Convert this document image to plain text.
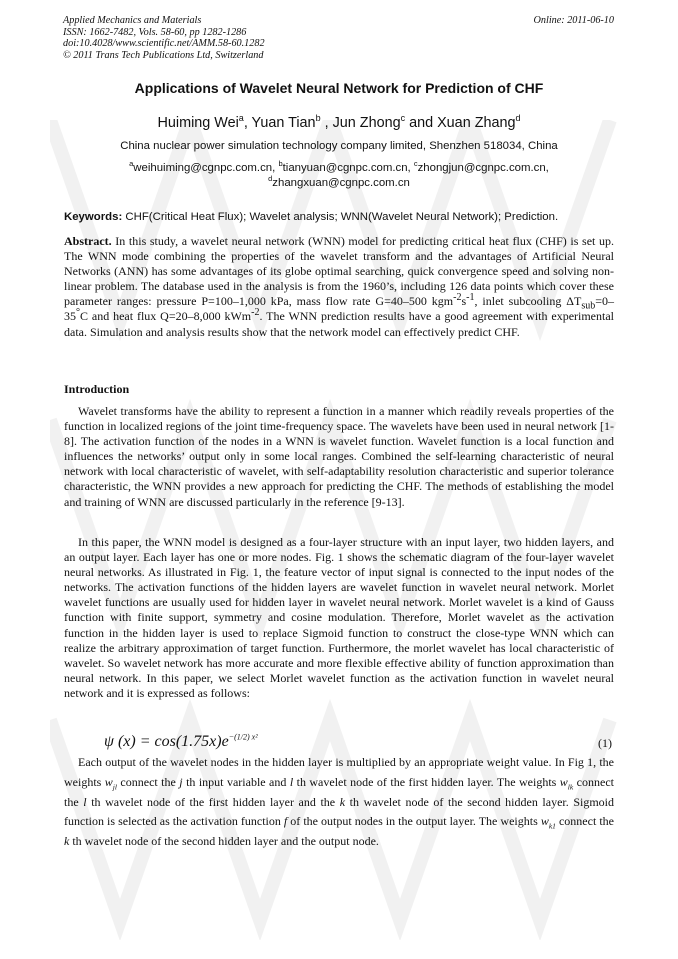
Applied Mechanics and Materials
ISSN: 1662-7482, Vols. 58-60, pp 1282-1286
doi:10.4028/www.scientific.net/AMM.58-60.1282
© 2011 Trans Tech Publications Ltd, Switzerland
Online: 2011-06-10
Applications of Wavelet Neural Network for Prediction of CHF
Huiming Wei$^a$, Yuan Tian$^b$ , Jun Zhong$^c$ and Xuan Zhang$^d$
China nuclear power simulation technology company limited, Shenzhen 518034, China
$^a$weihuiming@cgnpc.com.cn, $^b$tianyuan@cgnpc.com.cn, $^c$zhongjun@cgnpc.com.cn,
$^d$zhangxuan@cgnpc.com.cn
Keywords: CHF(Critical Heat Flux); Wavelet analysis; WNN(Wavelet Neural Network); Prediction.
Abstract. In this study, a wavelet neural network (WNN) model for predicting critical heat flux (CHF) is set up. The WNN mode combining the properties of the wavelet transform and the advantages of Artificial Neural Networks (ANN) has some advantages of its globe optimal searching, quick convergence speed and solving non-linear problem. The database used in the analysis is from the 1960’s, including 126 data points which cover these parameter ranges: pressure P=100–1,000 kPa, mass flow rate G=40–500 $kgm^{-2}s^{-1}$, inlet subcooling $\Delta T_{sub}=0-35^\circ C$ and heat flux Q=20–8,000 kWm$^{-2}$. The WNN prediction results have a good agreement with experimental data. Simulation and analysis results show that the network model can effectively predict CHF.
Introduction
Wavelet transforms have the ability to represent a function in a manner which readily reveals properties of the function in localized regions of the joint time-frequency space. The wavelets have been used in neural network [1-8]. The activation function of the nodes in a WNN is wavelet function. Wavelet function is a local function and influences the networks’ output only in some local ranges. Combined the self-learning characteristic of neural network with local characteristic of wavelet, with self-adaptability resolution characteristic and superior tolerance characteristic, the WNN provides a new approach for predicting the CHF. The methods of establishing the model and training of WNN are discussed particularly in the reference [9-13].
In this paper, the WNN model is designed as a four-layer structure with an input layer, two hidden layers, and an output layer. Each layer has one or more nodes. Fig. 1 shows the schematic diagram of the four-layer wavelet neural networks. As illustrated in Fig. 1, the feature vector of input signal is connected to the input nodes of the networks. The activation functions of the hidden layers are wavelet function in wavelet neural network. Morlet wavelet functions are usually used for hidden layer in wavelet neural network. Morlet wavelet is a kind of Gauss function with finite support, symmetry and cosine modulation. Therefore, Morlet wavelet as the activation function in the hidden layer is used to replace Sigmoid function to construct the close-type WNN which can realize the arbitrary approximation of target function. Furthermore, the morlet wavelet has local characteristic of wavelet. So wavelet network has more accurate and more flexible effective ability of function approximation than neural network. In this paper, we select Morlet wavelet function as the activation function in wavelet neural network and it is expressed as follows:
ψ $(x) = \cos(1.75x)e^{-(1/2) x^2}$	(1)
Each output of the wavelet nodes in the hidden layer is multiplied by an appropriate weight value. In Fig 1, the weights $w_{jl}$ connect the j th input variable and l th wavelet node of the first hidden layer. The weights $w_{lk}$ connect the l th wavelet node of the first hidden layer and the k th wavelet node of the second hidden layer. Sigmoid function is selected as the activation function f of the output nodes in the output layer. The weights $w_{k1}$ connect the k th wavelet node of the second hidden layer and the output node.
